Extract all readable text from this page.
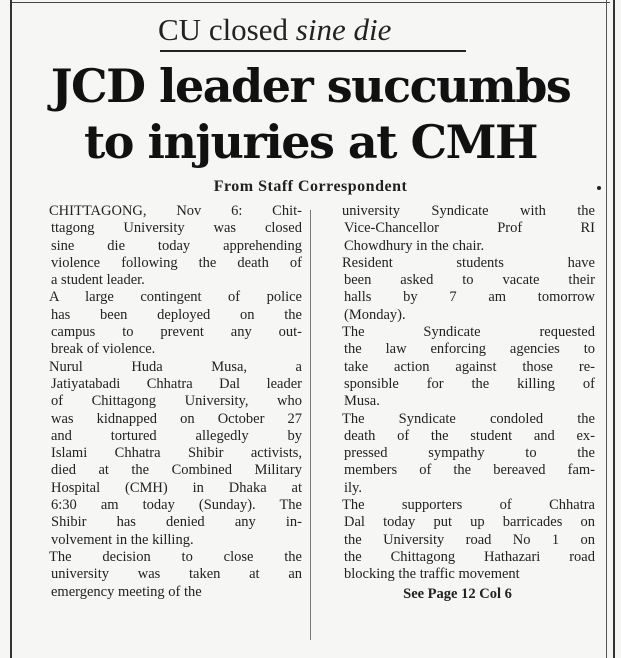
CU closed sine die
JCD leader succumbs
to injuries at CMH
From Staff Correspondent
CHITTAGONG, Nov 6: Chit-
ttagong University was closed
sine die today apprehending
violence following the death of
a student leader.
A large contingent of police
has been deployed on the
campus to prevent any out-
break of violence.
Nurul Huda Musa, a
Jatiyatabadi Chhatra Dal leader
of Chittagong University, who
was kidnapped on October 27
and tortured allegedly by
Islami Chhatra Shibir activists,
died at the Combined Military
Hospital (CMH) in Dhaka at
6:30 am today (Sunday). The
Shibir has denied any in-
volvement in the killing.
The decision to close the
university was taken at an
emergency meeting of the
university Syndicate with the
Vice-Chancellor Prof RI
Chowdhury in the chair.
Resident students have
been asked to vacate their
halls by 7 am tomorrow
(Monday).
The Syndicate requested
the law enforcing agencies to
take action against those re-
sponsible for the killing of
Musa.
The Syndicate condoled the
death of the student and ex-
pressed sympathy to the
members of the bereaved fam-
ily.
The supporters of Chhatra
Dal today put up barricades on
the University road No 1 on
the Chittagong Hathazari road
blocking the traffic movement
See Page 12 Col 6
